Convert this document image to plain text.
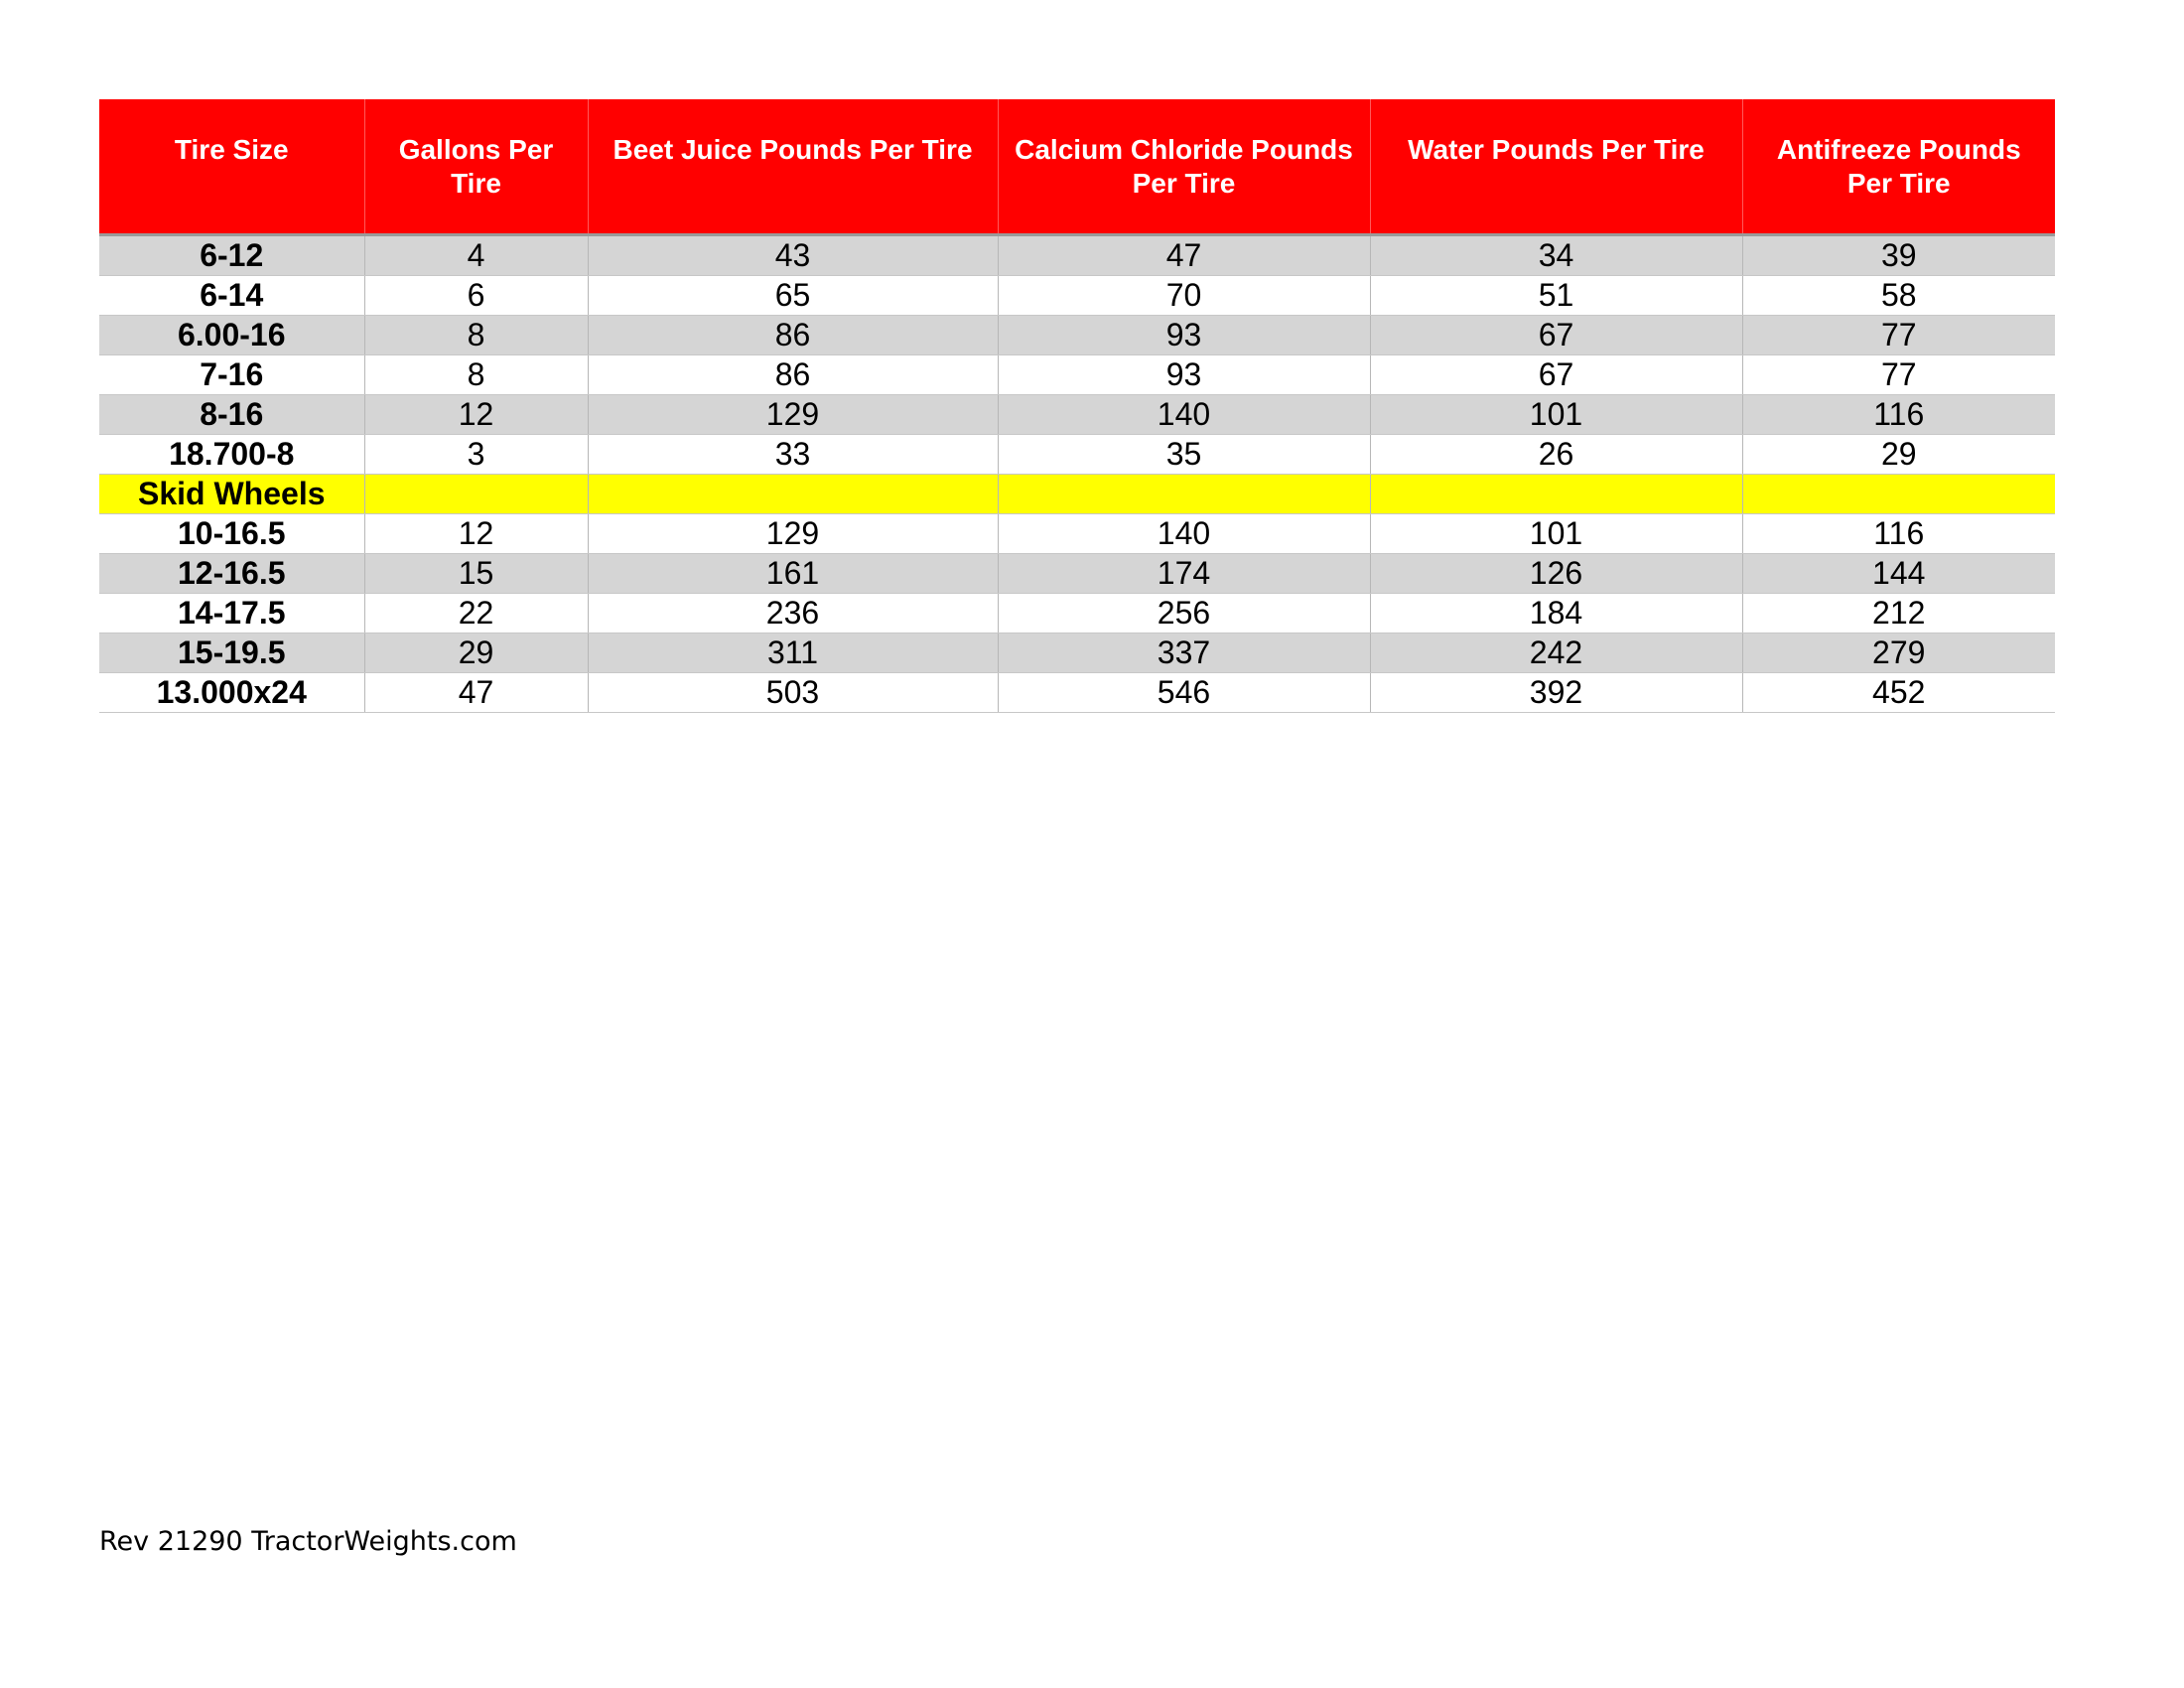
Tire Size	Gallons Per Tire	Beet Juice Pounds Per Tire	Calcium Chloride Pounds Per Tire	Water Pounds Per Tire	Antifreeze Pounds Per Tire
6-12	4	43	47	34	39
6-14	6	65	70	51	58
6.00-16	8	86	93	67	77
7-16	8	86	93	67	77
8-16	12	129	140	101	116
18.700-8	3	33	35	26	29
Skid Wheels					
10-16.5	12	129	140	101	116
12-16.5	15	161	174	126	144
14-17.5	22	236	256	184	212
15-19.5	29	311	337	242	279
13.000x24	47	503	546	392	452
Rev 21290 TractorWeights.com
